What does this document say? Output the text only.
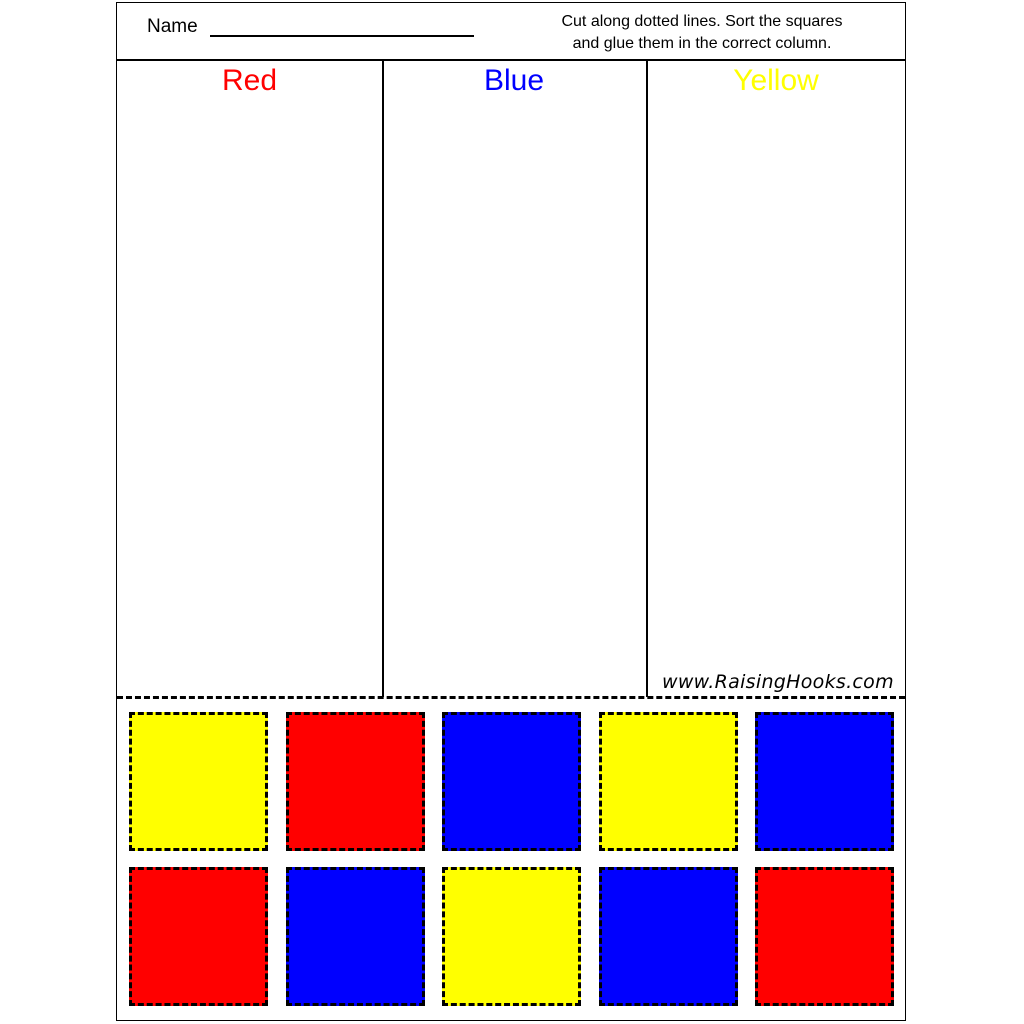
Name	Cut along dotted lines. Sort the squares
and glue them in the correct column.
Red	Blue	Yellow
www.RaisingHooks.com
